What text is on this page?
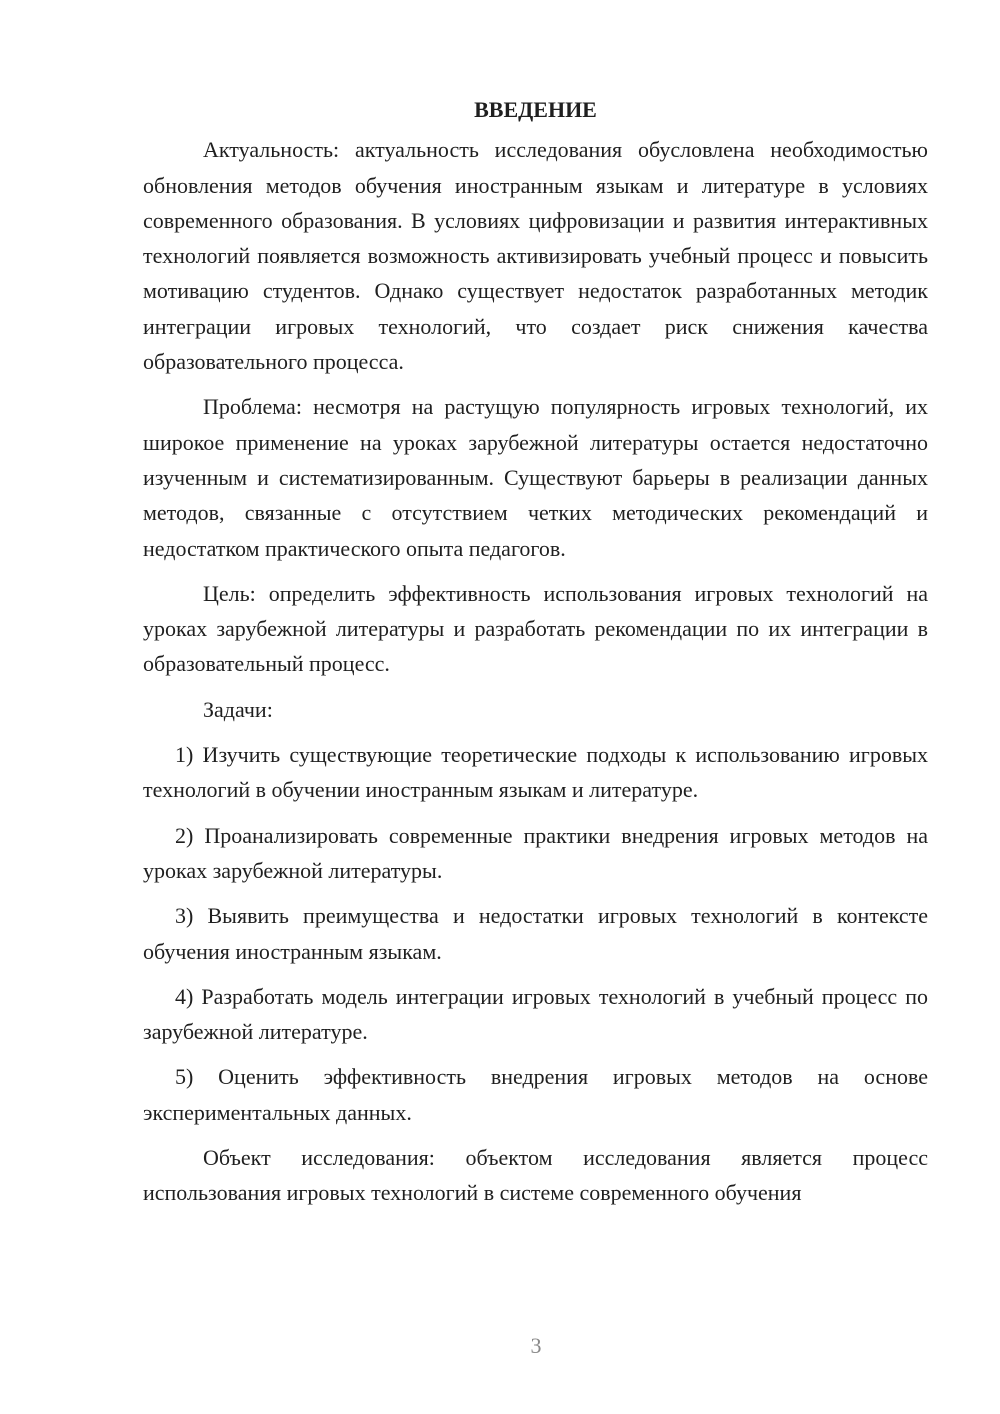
ВВЕДЕНИЕ

Актуальность: актуальность исследования обусловлена необходимостью обновления методов обучения иностранным языкам и литературе в условиях современного образования. В условиях цифровизации и развития интерактивных технологий появляется возможность активизировать учебный процесс и повысить мотивацию студентов. Однако существует недостаток разработанных методик интеграции игровых технологий, что создает риск снижения качества образовательного процесса.

Проблема: несмотря на растущую популярность игровых технологий, их широкое применение на уроках зарубежной литературы остается недостаточно изученным и систематизированным. Существуют барьеры в реализации данных методов, связанные с отсутствием четких методических рекомендаций и недостатком практического опыта педагогов.

Цель: определить эффективность использования игровых технологий на уроках зарубежной литературы и разработать рекомендации по их интеграции в образовательный процесс.

Задачи:

1) Изучить существующие теоретические подходы к использованию игровых технологий в обучении иностранным языкам и литературе.

2) Проанализировать современные практики внедрения игровых методов на уроках зарубежной литературы.

3) Выявить преимущества и недостатки игровых технологий в контексте обучения иностранным языкам.

4) Разработать модель интеграции игровых технологий в учебный процесс по зарубежной литературе.

5) Оценить эффективность внедрения игровых методов на основе экспериментальных данных.

Объект исследования: объектом исследования является процесс использования игровых технологий в системе современного обучения

3
